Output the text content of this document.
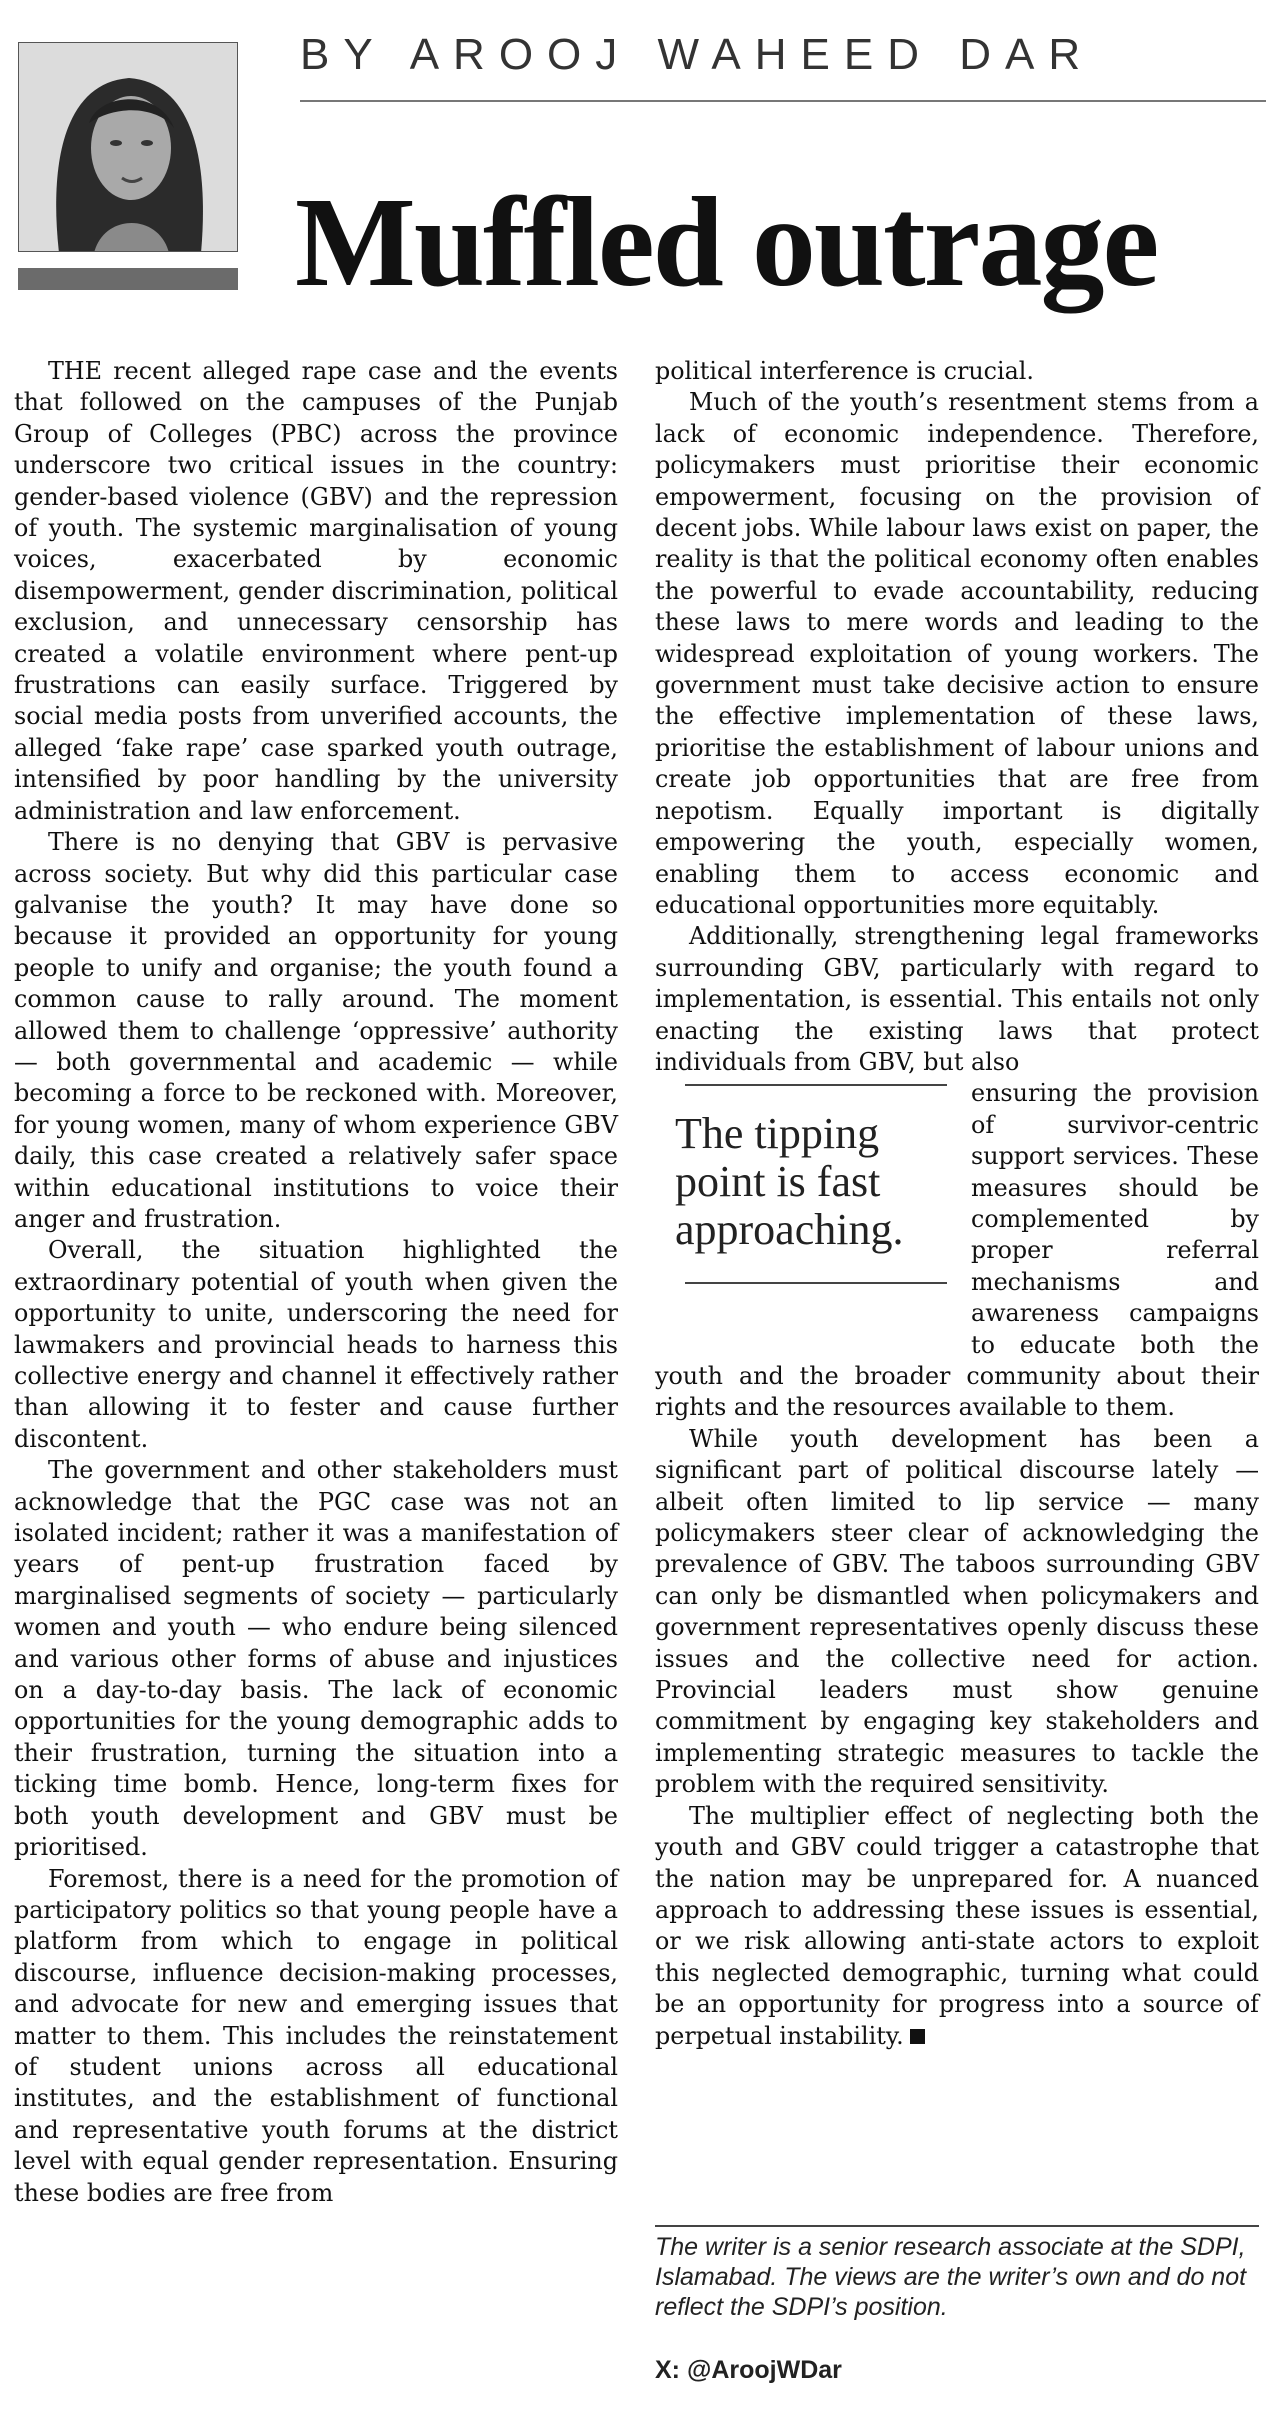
BY AROOJ WAHEED DAR
Muffled outrage

THE recent alleged rape case and the events that followed on the campuses of the Punjab Group of Colleges (PBC) across the province underscore two critical issues in the country: gender-based violence (GBV) and the repression of youth. The systemic marginalisation of young voices, exacerbated by economic disempowerment, gender discrimination, political exclusion, and unnecessary censorship has created a volatile environment where pent-up frustrations can easily surface. Triggered by social media posts from unverified accounts, the alleged ‘fake rape’ case sparked youth outrage, intensified by poor handling by the university administration and law enforcement.

There is no denying that GBV is pervasive across society. But why did this particular case galvanise the youth? It may have done so because it provided an opportunity for young people to unify and organise; the youth found a common cause to rally around. The moment allowed them to challenge ‘oppressive’ authority — both governmental and academic — while becoming a force to be reckoned with. Moreover, for young women, many of whom experience GBV daily, this case created a relatively safer space within educational institutions to voice their anger and frustration.

Overall, the situation highlighted the extraordinary potential of youth when given the opportunity to unite, underscoring the need for lawmakers and provincial heads to harness this collective energy and channel it effectively rather than allowing it to fester and cause further discontent.

The government and other stakeholders must acknowledge that the PGC case was not an isolated incident; rather it was a manifestation of years of pent-up frustration faced by marginalised segments of society — particularly women and youth — who endure being silenced and various other forms of abuse and injustices on a day-to-day basis. The lack of economic opportunities for the young demographic adds to their frustration, turning the situation into a ticking time bomb. Hence, long-term fixes for both youth development and GBV must be prioritised.

Foremost, there is a need for the promotion of participatory politics so that young people have a platform from which to engage in political discourse, influence decision-making processes, and advocate for new and emerging issues that matter to them. This includes the reinstatement of student unions across all educational institutes, and the establishment of functional and representative youth forums at the district level with equal gender representation. Ensuring these bodies are free from

political interference is crucial.

Much of the youth’s resentment stems from a lack of economic independence. Therefore, policymakers must prioritise their economic empowerment, focusing on the provision of decent jobs. While labour laws exist on paper, the reality is that the political economy often enables the powerful to evade accountability, reducing these laws to mere words and leading to the widespread exploitation of young workers. The government must take decisive action to ensure the effective implementation of these laws, prioritise the establishment of labour unions and create job opportunities that are free from nepotism. Equally important is digitally empowering the youth, especially women, enabling them to access economic and educational opportunities more equitably.

Additionally, strengthening legal frameworks surrounding GBV, particularly with regard to implementation, is essential. This entails not only enacting the existing laws that protect individuals from GBV, but also

The tipping point is fast approaching.

ensuring the provision of survivor-centric support services. These measures should be complemented by proper referral mechanisms and awareness campaigns to educate both the youth and the broader community about their rights and the resources available to them.

While youth development has been a significant part of political discourse lately — albeit often limited to lip service — many policymakers steer clear of acknowledging the prevalence of GBV. The taboos surrounding GBV can only be dismantled when policymakers and government representatives openly discuss these issues and the collective need for action. Provincial leaders must show genuine commitment by engaging key stakeholders and implementing strategic measures to tackle the problem with the required sensitivity.

The multiplier effect of neglecting both the youth and GBV could trigger a catastrophe that the nation may be unprepared for. A nuanced approach to addressing these issues is essential, or we risk allowing anti-state actors to exploit this neglected demographic, turning what could be an opportunity for progress into a source of perpetual instability.

The writer is a senior research associate at the SDPI, Islamabad. The views are the writer’s own and do not reflect the SDPI’s position.
X: @AroojWDar
